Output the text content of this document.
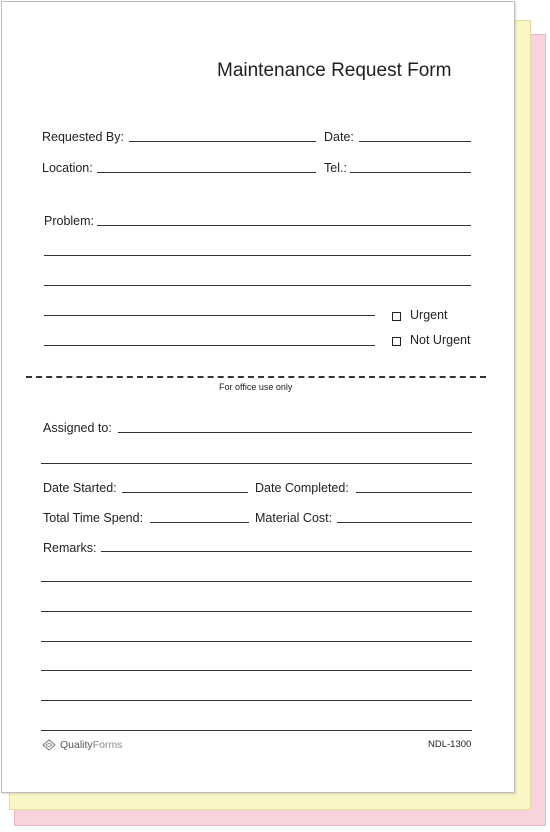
Maintenance Request Form
Requested By:	Date:
Location:	Tel.:
Problem:
Urgent
Not Urgent
For office use only
Assigned to:
Date Started:	Date Completed:
Total Time Spend:	Material Cost:
Remarks:
QualityForms	NDL-1300
